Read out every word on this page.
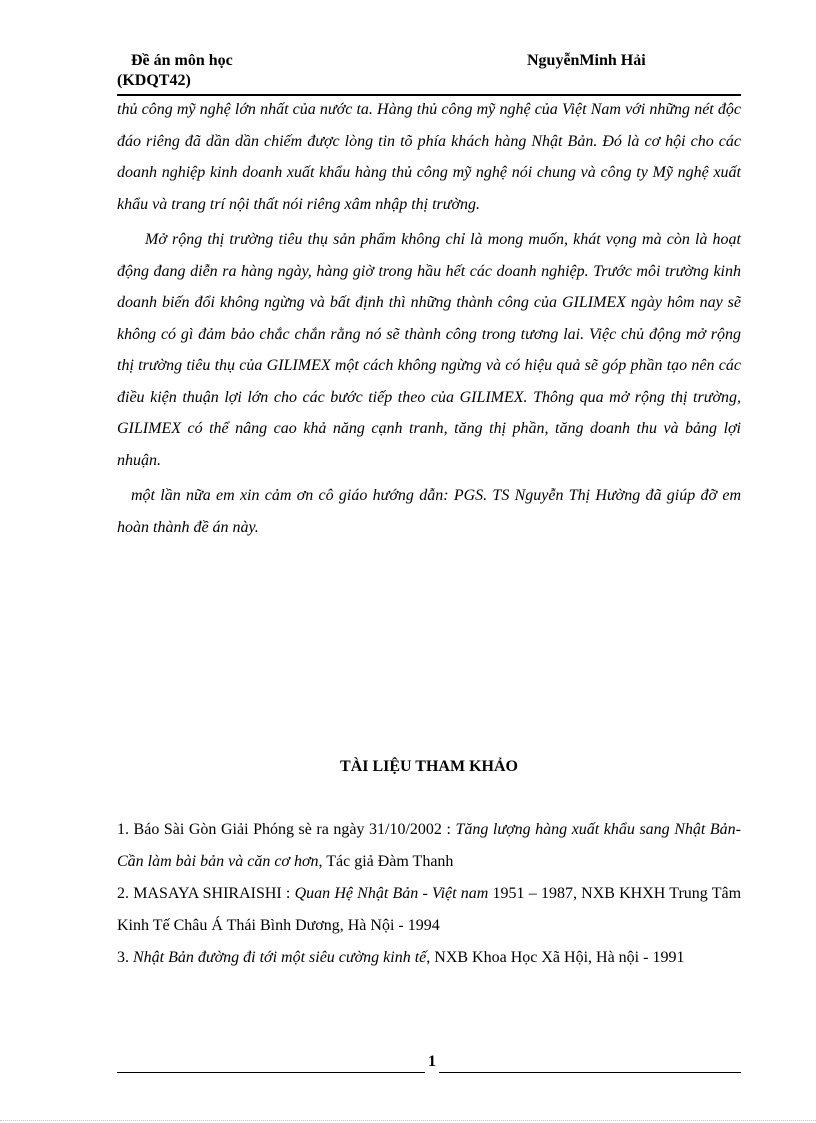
Đề án môn học
(KDQT42)
NguyễnMinh Hải

thủ công mỹ nghệ lớn nhất của nước ta. Hàng thủ công mỹ nghệ của Việt Nam với những nét độc đáo riêng đã dần dần chiếm được lòng tin tõ phía khách hàng Nhật Bản. Đó là cơ hội cho các doanh nghiệp kinh doanh xuất khẩu hàng thủ công mỹ nghệ nói chung và công ty Mỹ nghệ xuất khẩu và trang trí nội thất nói riêng xâm nhập thị trường.

Mở rộng thị trường tiêu thụ sản phẩm không chỉ là mong muốn, khát vọng mà còn là hoạt động đang diễn ra hàng ngày, hàng giờ trong hầu hết các doanh nghiệp. Trước môi trường kinh doanh biến đổi không ngừng và bất định thì những thành công của GILIMEX ngày hôm nay sẽ không có gì đảm bảo chắc chắn rằng nó sẽ thành công trong tương lai. Việc chủ động mở rộng thị trường tiêu thụ của GILIMEX một cách không ngừng và có hiệu quả sẽ góp phần tạo nên các điều kiện thuận lợi lớn cho các bước tiếp theo của GILIMEX. Thông qua mở rộng thị trường, GILIMEX có thể nâng cao khả năng cạnh tranh, tăng thị phần, tăng doanh thu và bảng lợi nhuận.

một lần nữa em xin cảm ơn cô giáo hướng dẫn: PGS. TS Nguyễn Thị Hường đã giúp đỡ em hoàn thành đề án này.

TÀI LIỆU THAM KHẢO

1. Báo Sài Gòn Giải Phóng sè ra ngày 31/10/2002 : Tăng lượng hàng xuất khẩu sang Nhật Bản- Cần làm bài bản và căn cơ hơn, Tác giả Đàm Thanh

2. MASAYA SHIRAISHI : Quan Hệ Nhật Bản - Việt nam 1951 – 1987, NXB KHXH Trung Tâm Kinh Tế Châu Á Thái Bình Dương, Hà Nội - 1994

3. Nhật Bản đường đi tới một siêu cường kinh tế, NXB Khoa Học Xã Hội, Hà nội - 1991

1
